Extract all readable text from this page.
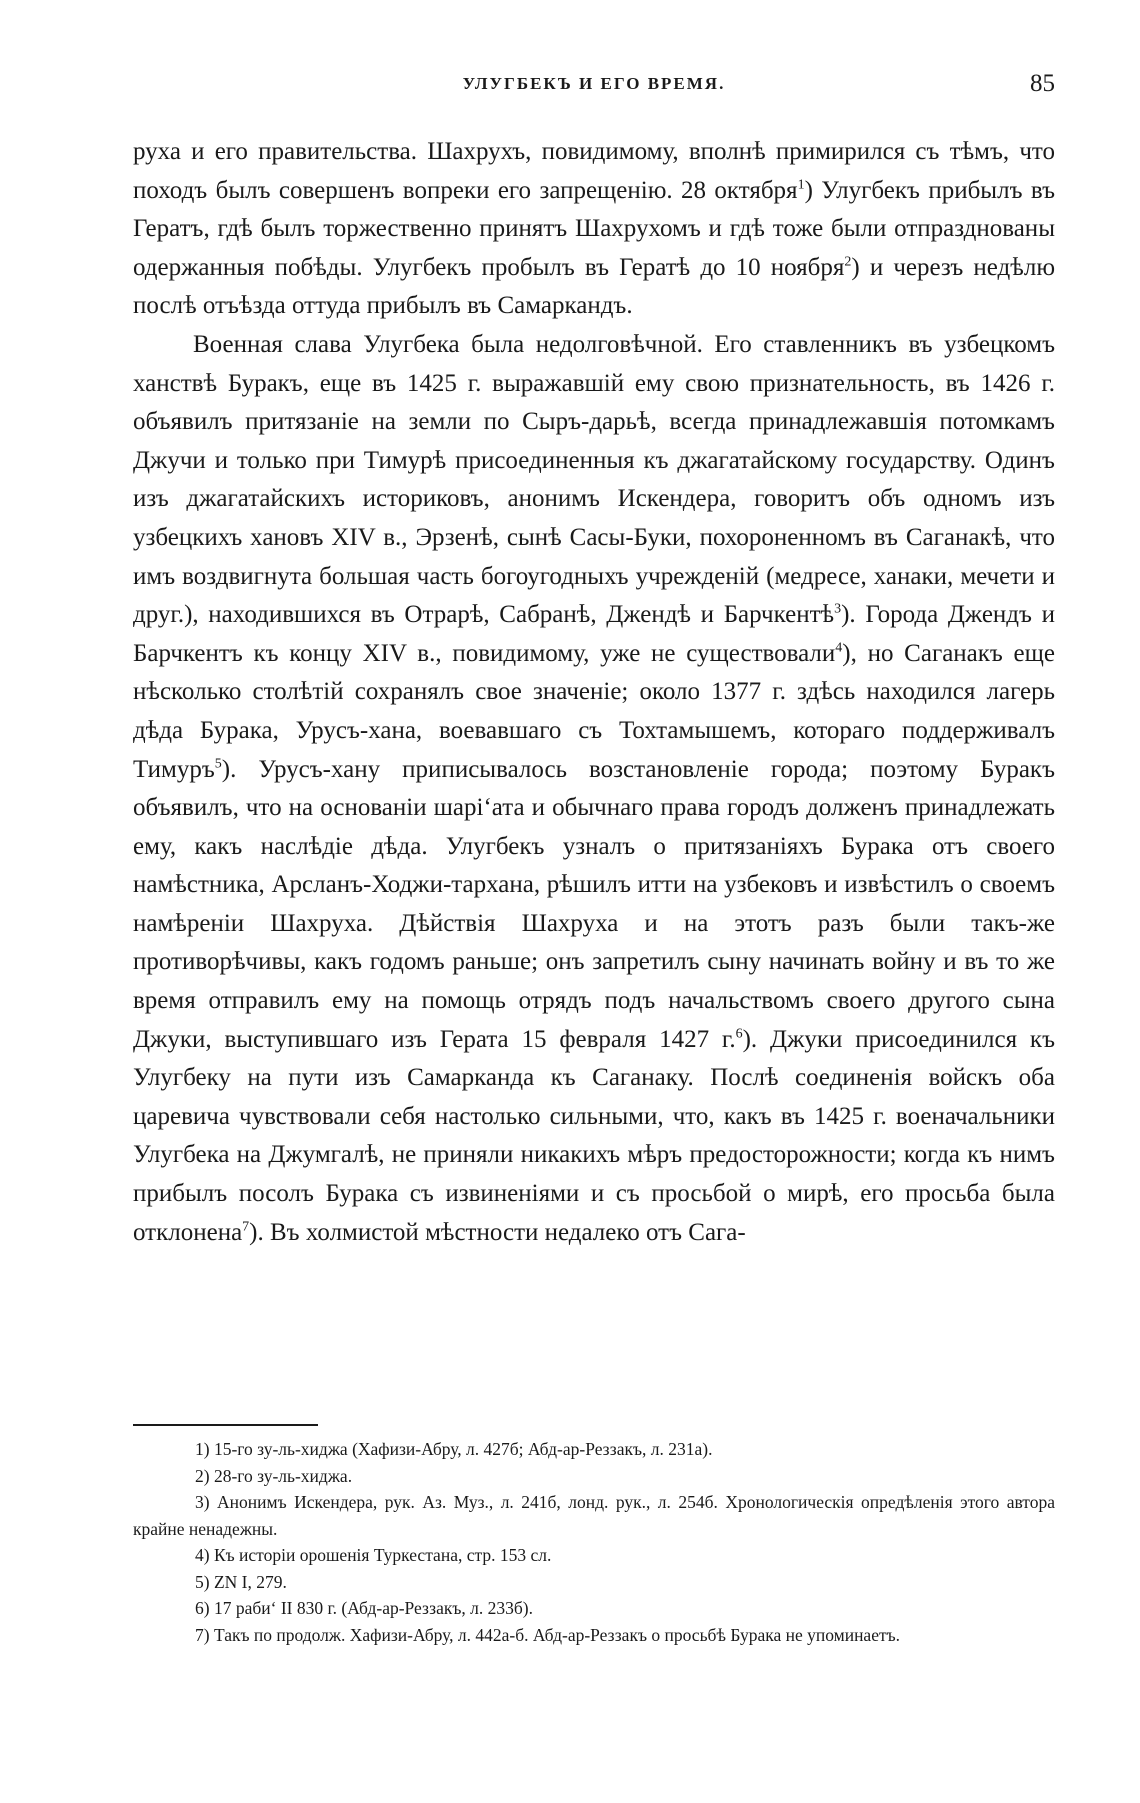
УЛУГБЕКЪ И ЕГО ВРЕМЯ.	85

руха и его правительства. Шахрухъ, повидимому, вполнѣ примирился съ тѣмъ, что походъ былъ совершенъ вопреки его запрещенію. 28 октября$^1$) Улугбекъ прибылъ въ Гератъ, гдѣ былъ торжественно принятъ Шахрухомъ и гдѣ тоже были отпразднованы одержанныя побѣды. Улугбекъ пробылъ въ Гератѣ до 10 ноября$^2$) и черезъ недѣлю послѣ отъѣзда оттуда прибылъ въ Самаркандъ.

Военная слава Улугбека была недолговѣчной. Его ставленникъ въ узбецкомъ ханствѣ Буракъ, еще въ 1425 г. выражавшій ему свою признательность, въ 1426 г. объявилъ притязаніе на земли по Сыръ-дарьѣ, всегда принадлежавшія потомкамъ Джучи и только при Тимурѣ присоединенныя къ джагатайскому государству. Одинъ изъ джагатайскихъ историковъ, анонимъ Искендера, говоритъ объ одномъ изъ узбецкихъ хановъ XIV в., Эрзенѣ, сынѣ Сасы-Буки, похороненномъ въ Саганакѣ, что имъ воздвигнута большая часть богоугодныхъ учрежденій (медресе, ханаки, мечети и друг.), находившихся въ Отрарѣ, Сабранѣ, Джендѣ и Барчкентѣ$^3$). Города Джендъ и Барчкентъ къ концу XIV в., повидимому, уже не существовали$^4$), но Саганакъ еще нѣсколько столѣтій сохранялъ свое значеніе; около 1377 г. здѣсь находился лагерь дѣда Бурака, Урусъ-хана, воевавшаго съ Тохтамышемъ, котораго поддерживалъ Тимуръ$^5$). Урусъ-хану приписывалось возстановленіе города; поэтому Буракъ объявилъ, что на основаніи шаріʻата и обычнаго права городъ долженъ принадлежать ему, какъ наслѣдіе дѣда. Улугбекъ узналъ о притязаніяхъ Бурака отъ своего намѣстника, Арсланъ-Ходжи-тархана, рѣшилъ итти на узбековъ и извѣстилъ о своемъ намѣреніи Шахруха. Дѣйствія Шахруха и на этотъ разъ были такъ-же противорѣчивы, какъ годомъ раньше; онъ запретилъ сыну начинать войну и въ то же время отправилъ ему на помощь отрядъ подъ начальствомъ своего другого сына Джуки, выступившаго изъ Герата 15 февраля 1427 г.$^6$). Джуки присоединился къ Улугбеку на пути изъ Самарканда къ Саганаку. Послѣ соединенія войскъ оба царевича чувствовали себя настолько сильными, что, какъ въ 1425 г. военачальники Улугбека на Джумгалѣ, не приняли никакихъ мѣръ предосторожности; когда къ нимъ прибылъ посолъ Бурака съ извиненіями и съ просьбой о мирѣ, его просьба была отклонена$^7$). Въ холмистой мѣстности недалеко отъ Сага-

1) 15-го зу-ль-хиджа (Хафизи-Абру, л. 427б; Абд-ар-Реззакъ, л. 231а).

2) 28-го зу-ль-хиджа.

3) Анонимъ Искендера, рук. Аз. Муз., л. 241б, лонд. рук., л. 254б. Хронологическія опредѣленія этого автора крайне ненадежны.

4) Къ исторіи орошенія Туркестана, стр. 153 сл.

5) ZN I, 279.

6) 17 рабиʻ II 830 г. (Абд-ар-Реззакъ, л. 233б).

7) Такъ по продолж. Хафизи-Абру, л. 442а-б. Абд-ар-Реззакъ о просьбѣ Бурака не упоминаетъ.
